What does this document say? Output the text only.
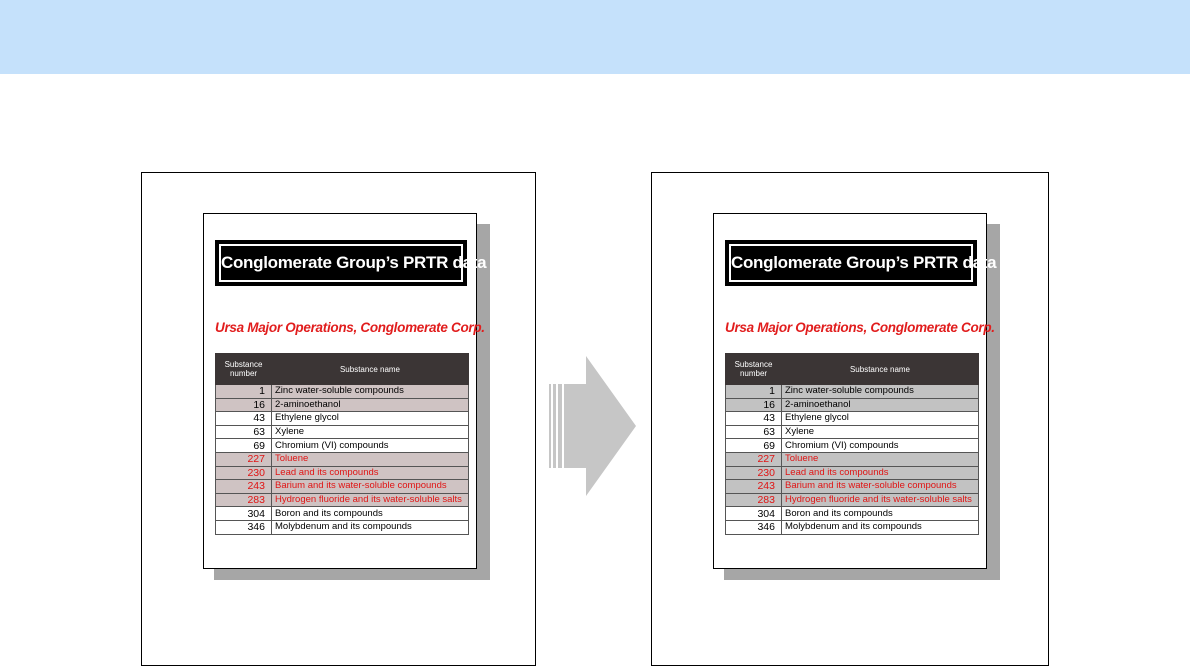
Conglomerate Group’s PRTR data
Ursa Major Operations, Conglomerate Corp.
Substance number	Substance name
1	Zinc water-soluble compounds
16	2-aminoethanol
43	Ethylene glycol
63	Xylene
69	Chromium (VI) compounds
227	Toluene
230	Lead and its compounds
243	Barium and its water-soluble compounds
283	Hydrogen fluoride and its water-soluble salts
304	Boron and its compounds
346	Molybdenum and its compounds
Conglomerate Group’s PRTR data
Ursa Major Operations, Conglomerate Corp.
Substance number	Substance name
1	Zinc water-soluble compounds
16	2-aminoethanol
43	Ethylene glycol
63	Xylene
69	Chromium (VI) compounds
227	Toluene
230	Lead and its compounds
243	Barium and its water-soluble compounds
283	Hydrogen fluoride and its water-soluble salts
304	Boron and its compounds
346	Molybdenum and its compounds
